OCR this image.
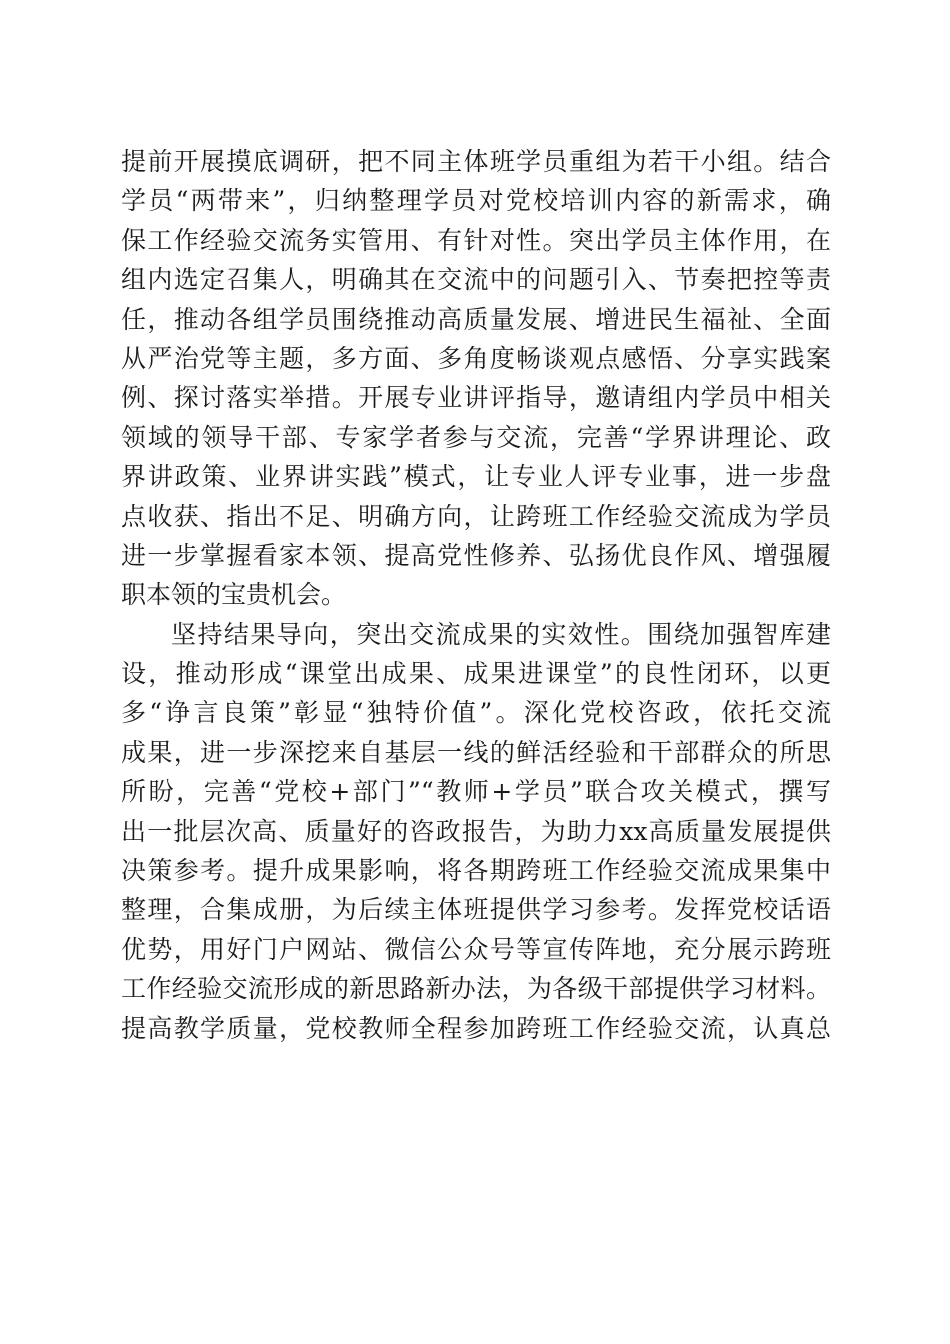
提前开展摸底调研，把不同主体班学员重组为若干小组。结合
学员“两带来”，归纳整理学员对党校培训内容的新需求，确
保工作经验交流务实管用、有针对性。突出学员主体作用，在
组内选定召集人，明确其在交流中的问题引入、节奏把控等责
任，推动各组学员围绕推动高质量发展、增进民生福祉、全面
从严治党等主题，多方面、多角度畅谈观点感悟、分享实践案
例、探讨落实举措。开展专业讲评指导，邀请组内学员中相关
领域的领导干部、专家学者参与交流，完善“学界讲理论、政
界讲政策、业界讲实践”模式，让专业人评专业事，进一步盘
点收获、指出不足、明确方向，让跨班工作经验交流成为学员
进一步掌握看家本领、提高党性修养、弘扬优良作风、增强履
职本领的宝贵机会。
坚持结果导向，突出交流成果的实效性。围绕加强智库建
设，推动形成“课堂出成果、成果进课堂”的良性闭环，以更
多“诤言良策”彰显“独特价值”。深化党校咨政，依托交流
成果，进一步深挖来自基层一线的鲜活经验和干部群众的所思
所盼，完善“党校+部门”“教师+学员”联合攻关模式，撰写
出一批层次高、质量好的咨政报告，为助力xx高质量发展提供
决策参考。提升成果影响，将各期跨班工作经验交流成果集中
整理，合集成册，为后续主体班提供学习参考。发挥党校话语
优势，用好门户网站、微信公众号等宣传阵地，充分展示跨班
工作经验交流形成的新思路新办法，为各级干部提供学习材料。
提高教学质量，党校教师全程参加跨班工作经验交流，认真总
